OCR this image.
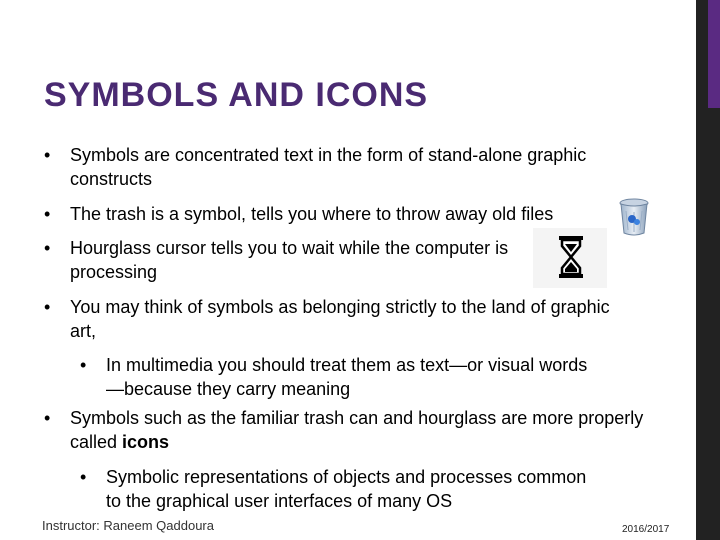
SYMBOLS AND ICONS
•	Symbols are concentrated text in the form of stand-alone graphic constructs
•	The trash is a symbol, tells you where to throw away old files
•	Hourglass cursor tells you to wait while the computer is processing
•	You may think of symbols as belonging strictly to the land of graphic art,
•	In multimedia you should treat them as text—or visual words—because they carry meaning
•	Symbols such as the familiar trash can and hourglass are more properly called icons
•	Symbolic representations of objects and processes common to the graphical user interfaces of many OS
Instructor: Raneem Qaddoura	2016/2017
